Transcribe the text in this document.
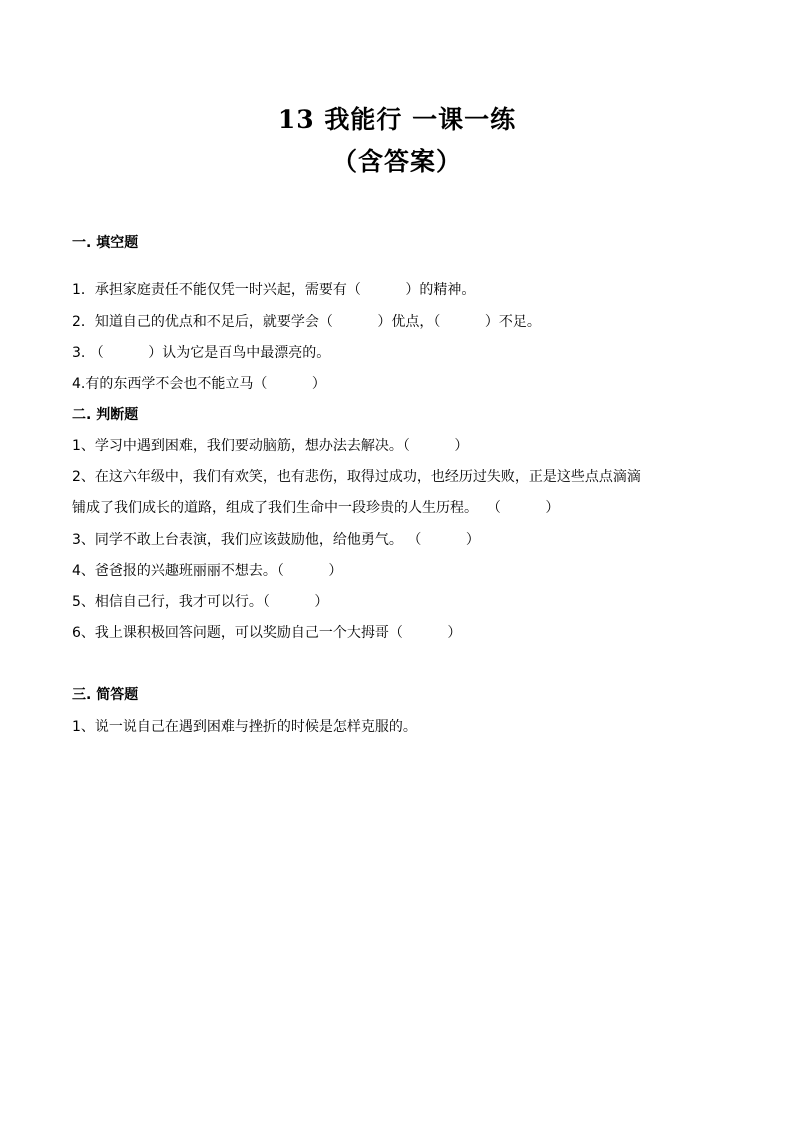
13 我能行 一课一练
（含答案）
一. 填空题
1．承担家庭责任不能仅凭一时兴起，需要有（          ）的精神。
2．知道自己的优点和不足后，就要学会（          ）优点，（          ）不足。
3. （          ）认为它是百鸟中最漂亮的。
4.有的东西学不会也不能立马（          ）
二. 判断题
1、学习中遇到困难，我们要动脑筋，想办法去解决。（          ）
2、在这六年级中，我们有欢笑，也有悲伤，取得过成功，也经历过失败，正是这些点点滴滴
铺成了我们成长的道路，组成了我们生命中一段珍贵的人生历程。  （          ）
3、同学不敢上台表演，我们应该鼓励他，给他勇气。 （          ）
4、爸爸报的兴趣班丽丽不想去。（          ）
5、相信自己行，我才可以行。（          ）
6、我上课积极回答问题，可以奖励自己一个大拇哥（          ）
三. 简答题
1、说一说自己在遇到困难与挫折的时候是怎样克服的。
